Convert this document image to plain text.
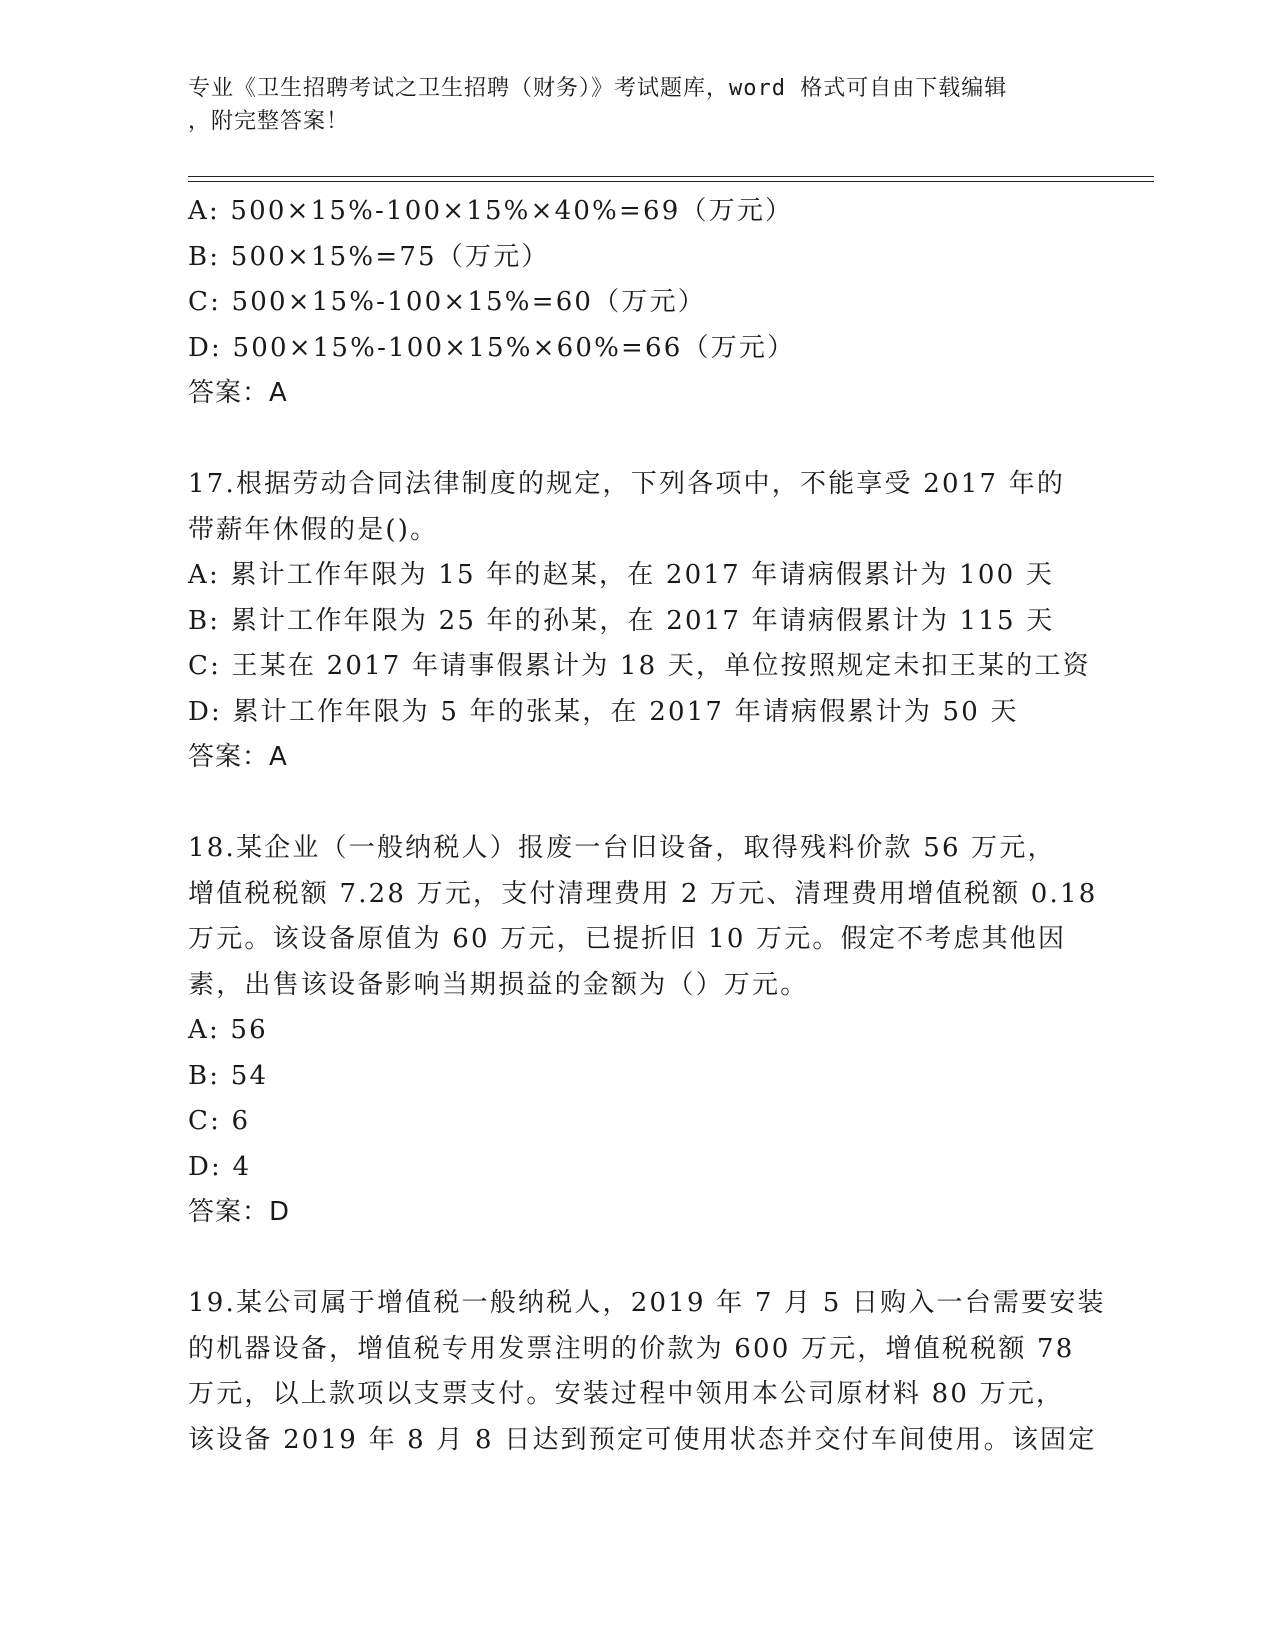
专业《卫生招聘考试之卫生招聘（财务）》考试题库，word 格式可自由下载编辑
，附完整答案！
A: 500×15%-100×15%×40%=69（万元）
B: 500×15%=75（万元）
C: 500×15%-100×15%=60（万元）
D: 500×15%-100×15%×60%=66（万元）
答案：A
17.根据劳动合同法律制度的规定，下列各项中，不能享受 2017 年的
带薪年休假的是()。
A: 累计工作年限为 15 年的赵某，在 2017 年请病假累计为 100 天
B: 累计工作年限为 25 年的孙某，在 2017 年请病假累计为 115 天
C: 王某在 2017 年请事假累计为 18 天，单位按照规定未扣王某的工资
D: 累计工作年限为 5 年的张某，在 2017 年请病假累计为 50 天
答案：A
18.某企业（一般纳税人）报废一台旧设备，取得残料价款 56 万元，
增值税税额 7.28 万元，支付清理费用 2 万元、清理费用增值税额 0.18
万元。该设备原值为 60 万元，已提折旧 10 万元。假定不考虑其他因
素，出售该设备影响当期损益的金额为（）万元。
A: 56
B: 54
C: 6
D: 4
答案：D
19.某公司属于增值税一般纳税人，2019 年 7 月 5 日购入一台需要安装
的机器设备，增值税专用发票注明的价款为 600 万元，增值税税额 78
万元，以上款项以支票支付。安装过程中领用本公司原材料 80 万元，
该设备 2019 年 8 月 8 日达到预定可使用状态并交付车间使用。该固定
